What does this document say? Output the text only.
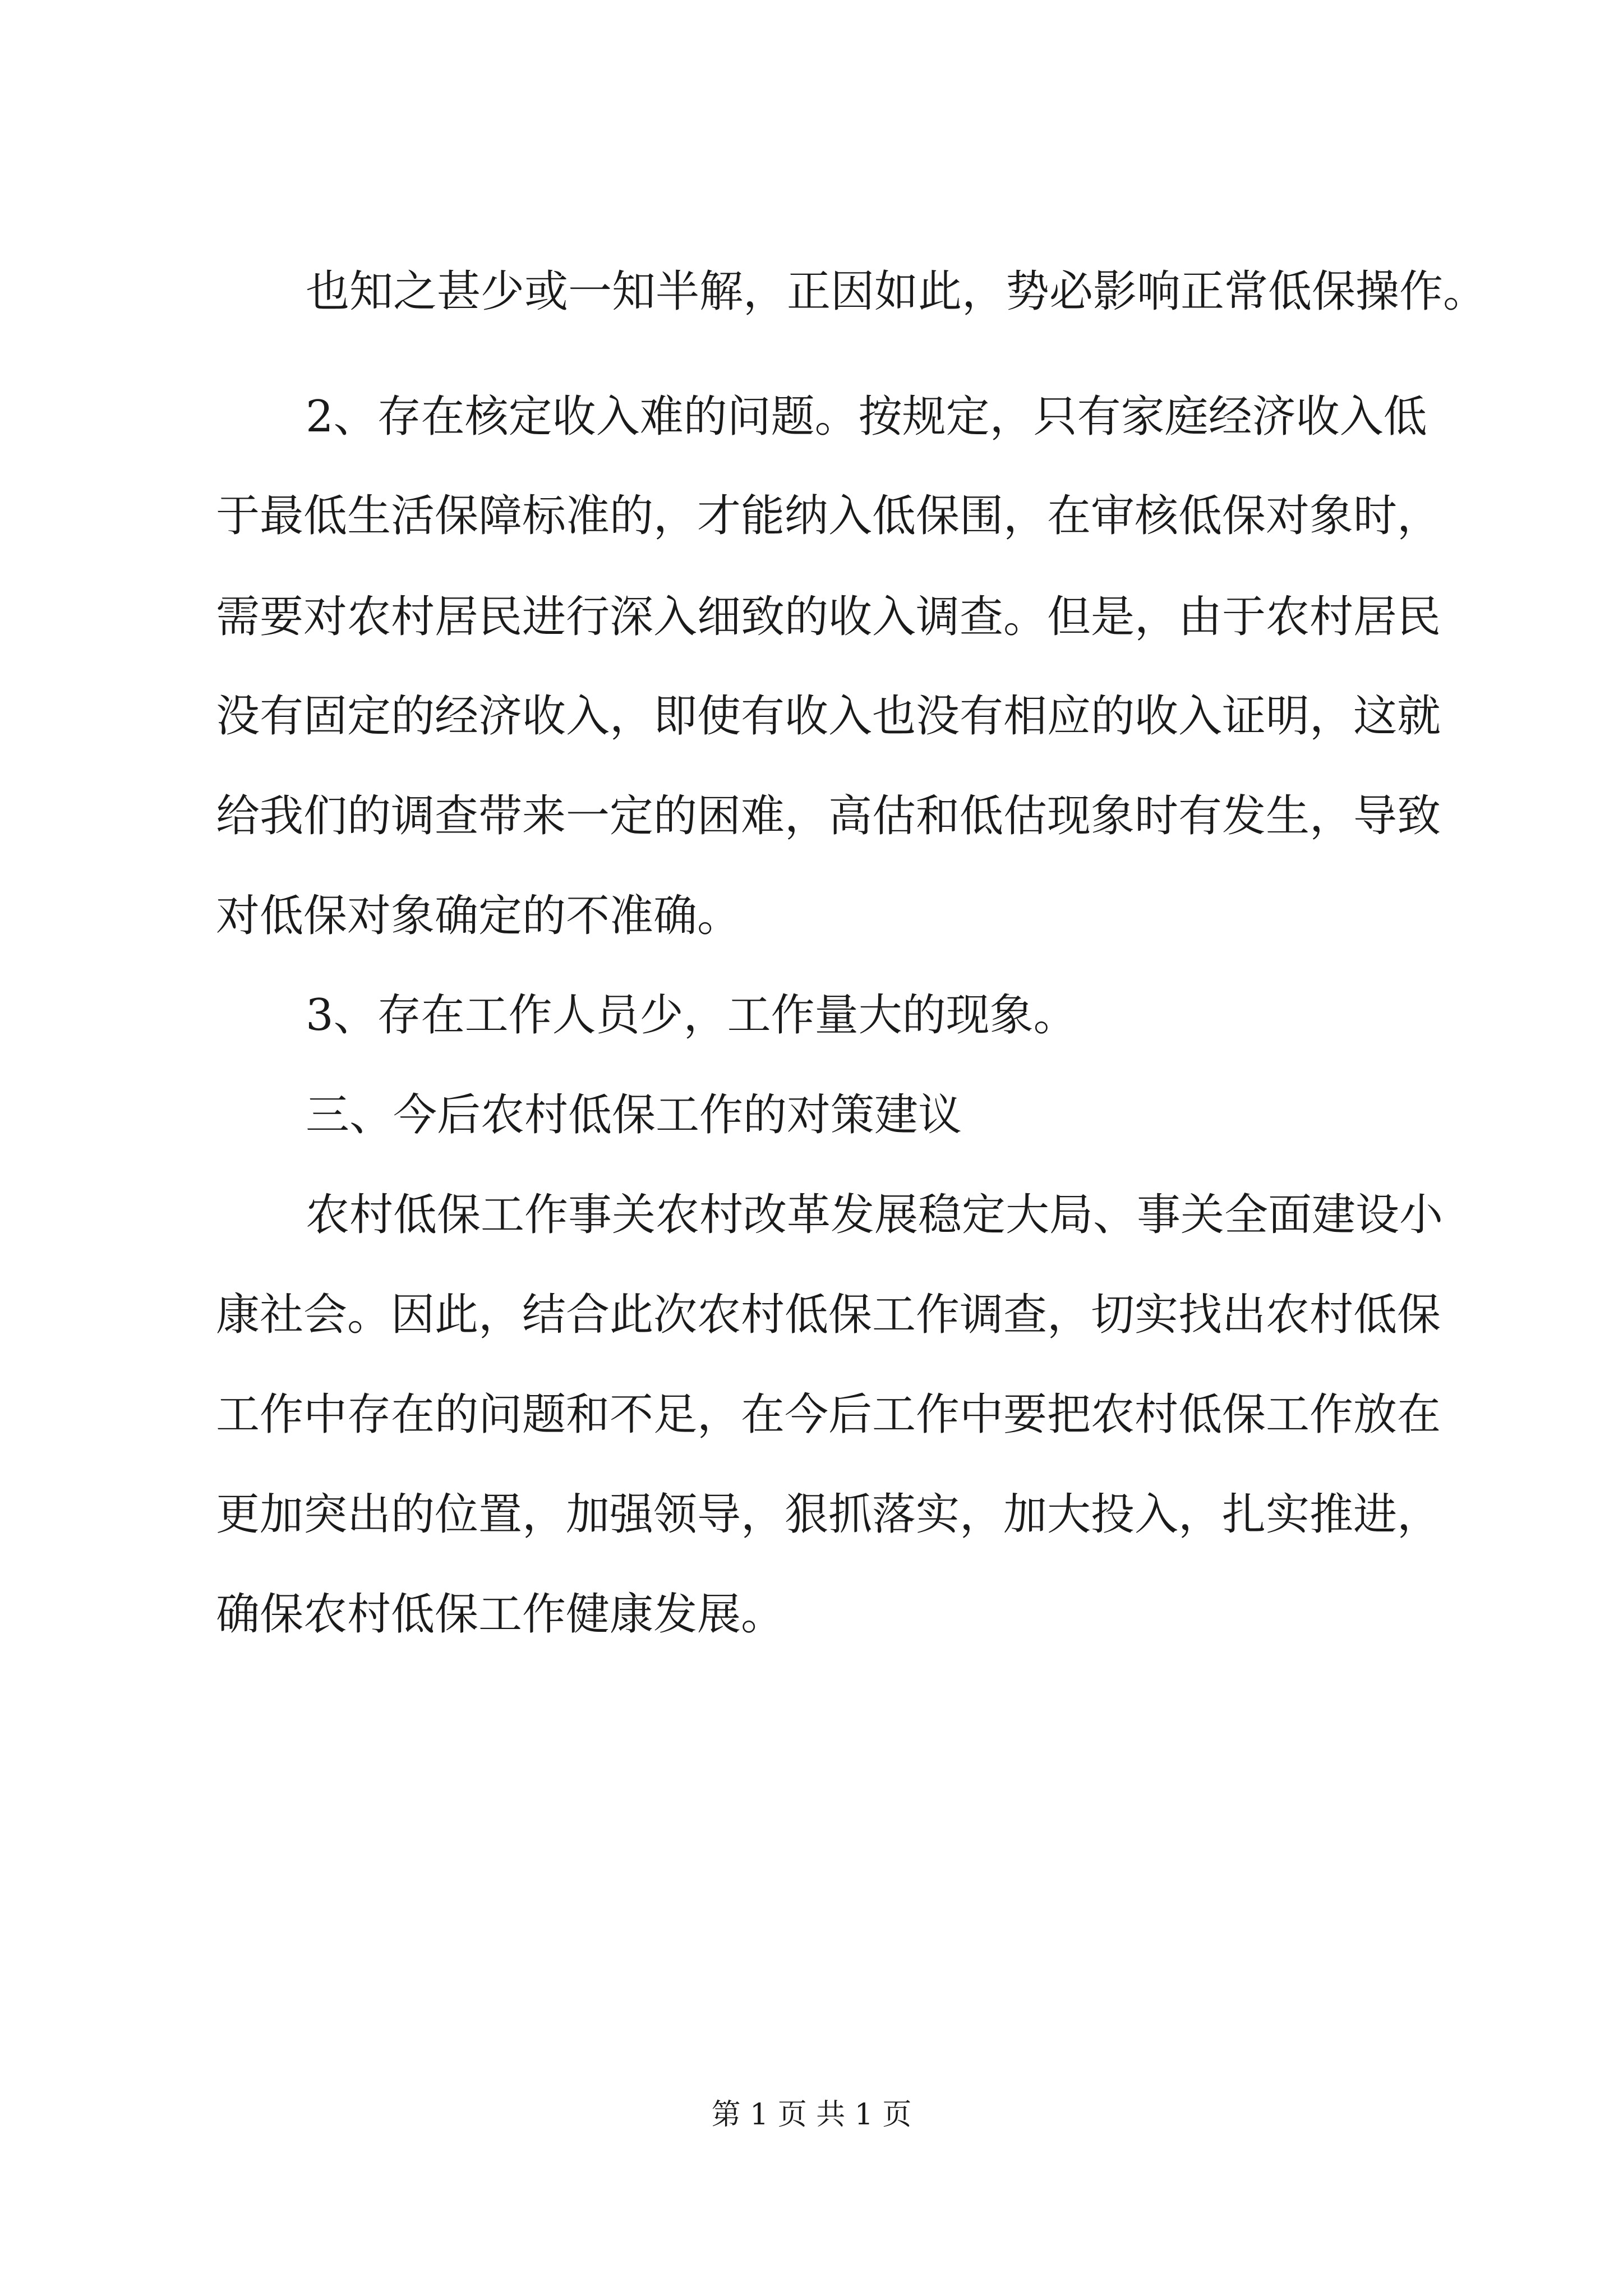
也知之甚少或一知半解，正因如此，势必影响正常低保操作。
2、存在核定收入难的问题。按规定，只有家庭经济收入低
于最低生活保障标准的，才能纳入低保围，在审核低保对象时，
需要对农村居民进行深入细致的收入调查。但是，由于农村居民
没有固定的经济收入，即使有收入也没有相应的收入证明，这就
给我们的调查带来一定的困难，高估和低估现象时有发生，导致
对低保对象确定的不准确。
3、存在工作人员少，工作量大的现象。
三、今后农村低保工作的对策建议
农村低保工作事关农村改革发展稳定大局、事关全面建设小
康社会。因此，结合此次农村低保工作调查，切实找出农村低保
工作中存在的问题和不足，在今后工作中要把农村低保工作放在
更加突出的位置，加强领导，狠抓落实，加大投入，扎实推进，
确保农村低保工作健康发展。
第 1 页 共 1 页
